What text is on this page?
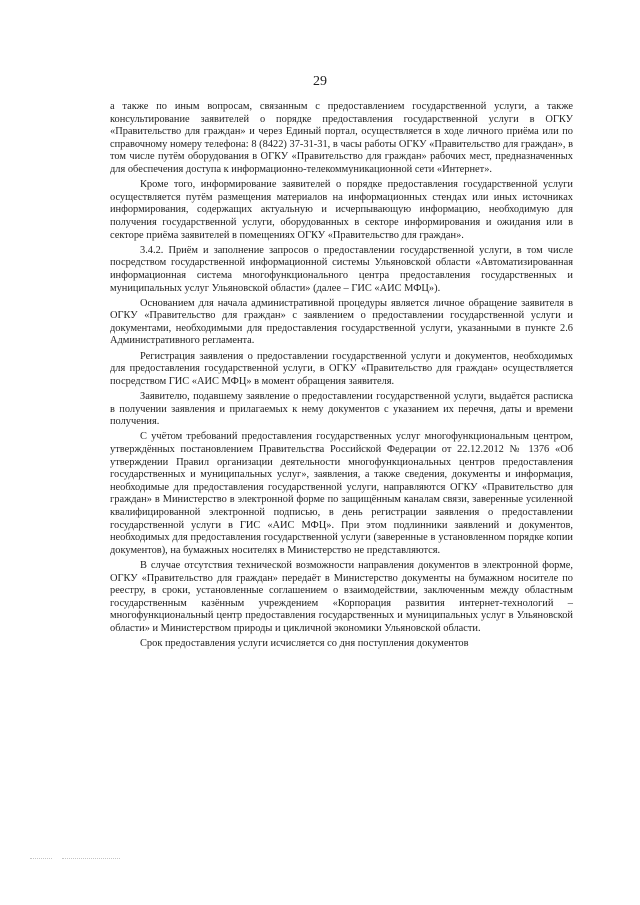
29

а также по иным вопросам, связанным с предоставлением государственной услуги, а также консультирование заявителей о порядке предоставления государственной услуги в ОГКУ «Правительство для граждан» и через Единый портал, осуществляется в ходе личного приёма или по справочному номеру телефона: 8 (8422) 37-31-31, в часы работы ОГКУ «Правительство для граждан», в том числе путём оборудования в ОГКУ «Правительство для граждан» рабочих мест, предназначенных для обеспечения доступа к информационно-телекоммуникационной сети «Интернет».

Кроме того, информирование заявителей о порядке предоставления государственной услуги осуществляется путём размещения материалов на информационных стендах или иных источниках информирования, содержащих актуальную и исчерпывающую информацию, необходимую для получения государственной услуги, оборудованных в секторе информирования и ожидания или в секторе приёма заявителей в помещениях ОГКУ «Правительство для граждан».

3.4.2. Приём и заполнение запросов о предоставлении государственной услуги, в том числе посредством государственной информационной системы Ульяновской области «Автоматизированная информационная система многофункционального центра предоставления государственных и муниципальных услуг Ульяновской области» (далее – ГИС «АИС МФЦ»).

Основанием для начала административной процедуры является личное обращение заявителя в ОГКУ «Правительство для граждан» с заявлением о предоставлении государственной услуги и документами, необходимыми для предоставления государственной услуги, указанными в пункте 2.6 Административного регламента.

Регистрация заявления о предоставлении государственной услуги и документов, необходимых для предоставления государственной услуги, в ОГКУ «Правительство для граждан» осуществляется посредством ГИС «АИС МФЦ» в момент обращения заявителя.

Заявителю, подавшему заявление о предоставлении государственной услуги, выдаётся расписка в получении заявления и прилагаемых к нему документов с указанием их перечня, даты и времени получения.

С учётом требований предоставления государственных услуг многофункциональным центром, утверждённых постановлением Правительства Российской Федерации от 22.12.2012 № 1376 «Об утверждении Правил организации деятельности многофункциональных центров предоставления государственных и муниципальных услуг», заявления, а также сведения, документы и информация, необходимые для предоставления государственной услуги, направляются ОГКУ «Правительство для граждан» в Министерство в электронной форме по защищённым каналам связи, заверенные усиленной квалифицированной электронной подписью, в день регистрации заявления о предоставлении государственной услуги в ГИС «АИС МФЦ». При этом подлинники заявлений и документов, необходимых для предоставления государственной услуги (заверенные в установленном порядке копии документов), на бумажных носителях в Министерство не представляются.

В случае отсутствия технической возможности направления документов в электронной форме, ОГКУ «Правительство для граждан» передаёт в Министерство документы на бумажном носителе по реестру, в сроки, установленные соглашением о взаимодействии, заключенным между областным государственным казённым учреждением «Корпорация развития интернет-технологий – многофункциональный центр предоставления государственных и муниципальных услуг в Ульяновской области» и Министерством природы и цикличной экономики Ульяновской области.

Срок предоставления услуги исчисляется со дня поступления документов
